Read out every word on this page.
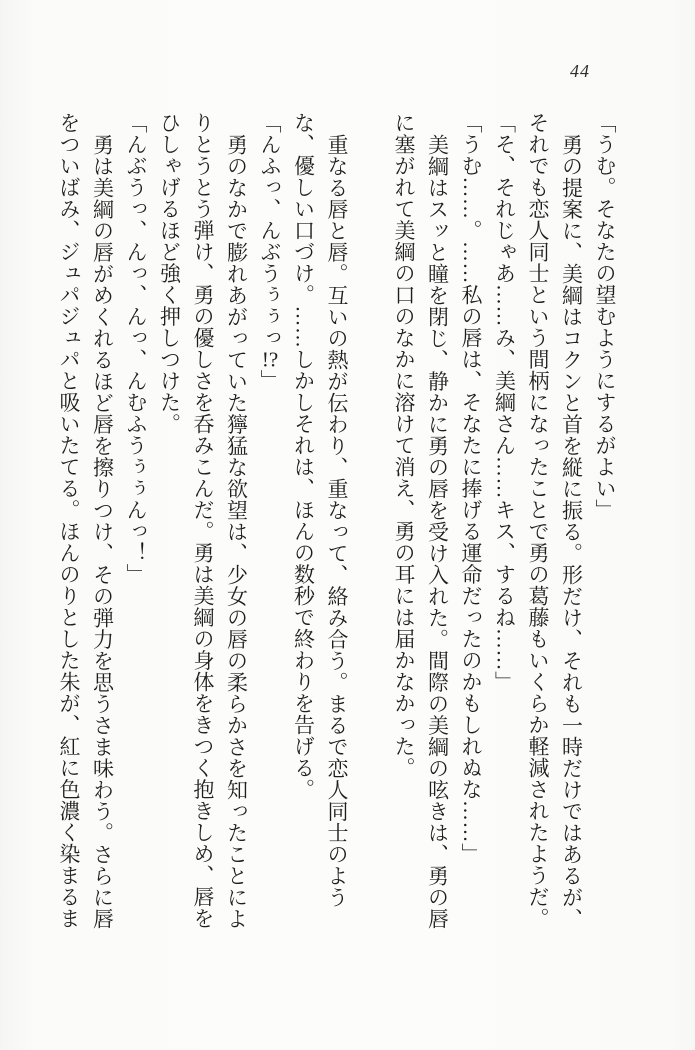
44

「うむ。そなたの望むようにするがよい」

勇の提案に、美綱はコクンと首を縦に振る。形だけ、それも一時だけではあるが、それでも恋人同士という間柄になったことで勇の葛藤もいくらか軽減されたようだ。

「そ、それじゃあ……み、美綱さん……キス、するね……」

「うむ……。……私の唇は、そなたに捧げる運命だったのかもしれぬな……」

美綱はスッと瞳を閉じ、静かに勇の唇を受け入れた。間際の美綱の呟きは、勇の唇に塞がれて美綱の口のなかに溶けて消え、勇の耳には届かなかった。

重なる唇と唇。互いの熱が伝わり、重なって、絡み合う。まるで恋人同士のような、優しい口づけ。……しかしそれは、ほんの数秒で終わりを告げる。

「んふっ、んぶうぅぅっ!?」

勇のなかで膨れあがっていた獰猛な欲望は、少女の唇の柔らかさを知ったことによりとうとう弾け、勇の優しさを呑みこんだ。勇は美綱の身体をきつく抱きしめ、唇をひしゃげるほど強く押しつけた。

「んぶうっ、んっ、んっ、んむふうぅぅんっ！」

勇は美綱の唇がめくれるほど唇を擦りつけ、その弾力を思うさま味わう。さらに唇をついばみ、ジュパジュパと吸いたてる。ほんのりとした朱が、紅に色濃く染まるま
